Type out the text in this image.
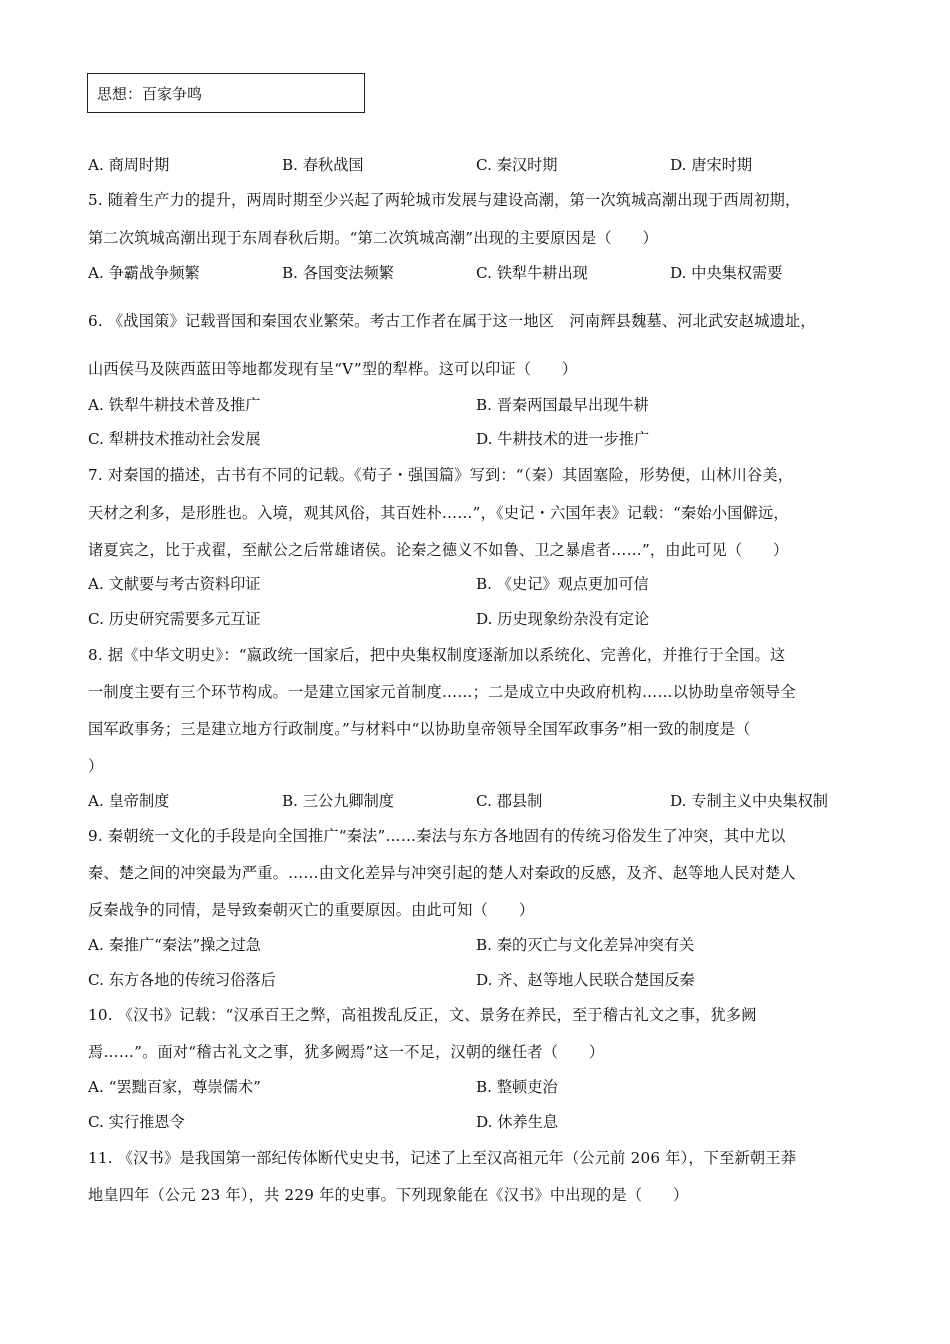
思想：百家争鸣
A. 商周时期	B. 春秋战国	C. 秦汉时期	D. 唐宋时期
5. 随着生产力的提升，两周时期至少兴起了两轮城市发展与建设高潮，第一次筑城高潮出现于西周初期，
第二次筑城高潮出现于东周春秋后期。“第二次筑城高潮”出现的主要原因是（　　）
A. 争霸战争频繁	B. 各国变法频繁	C. 铁犁牛耕出现	D. 中央集权需要
6. 《战国策》记载晋国和秦国农业繁荣。考古工作者在属于这一地区　河南辉县魏墓、河北武安赵城遗址，
山西侯马及陕西蓝田等地都发现有呈“V”型的犁桦。这可以印证（　　）
A. 铁犁牛耕技术普及推广	B. 晋秦两国最早出现牛耕
C. 犁耕技术推动社会发展	D. 牛耕技术的进一步推广
7. 对秦国的描述，古书有不同的记载。《荀子・强国篇》写到：“（秦）其固塞险，形势便，山林川谷美，
天材之利多，是形胜也。入境，观其风俗，其百姓朴……”，《史记・六国年表》记载：“秦始小国僻远，
诸夏宾之，比于戎翟，至献公之后常雄诸侯。论秦之德义不如鲁、卫之暴虐者……”，由此可见（　　）
A. 文献要与考古资料印证	B. 《史记》观点更加可信
C. 历史研究需要多元互证	D. 历史现象纷杂没有定论
8. 据《中华文明史》：“嬴政统一国家后，把中央集权制度逐渐加以系统化、完善化，并推行于全国。这
一制度主要有三个环节构成。一是建立国家元首制度……；二是成立中央政府机构……以协助皇帝领导全
国军政事务；三是建立地方行政制度。”与材料中“以协助皇帝领导全国军政事务”相一致的制度是（
）
A. 皇帝制度	B. 三公九卿制度	C. 郡县制	D. 专制主义中央集权制
9. 秦朝统一文化的手段是向全国推广“秦法”……秦法与东方各地固有的传统习俗发生了冲突，其中尤以
秦、楚之间的冲突最为严重。……由文化差异与冲突引起的楚人对秦政的反感，及齐、赵等地人民对楚人
反秦战争的同情，是导致秦朝灭亡的重要原因。由此可知（　　）
A. 秦推广“秦法”操之过急	B. 秦的灭亡与文化差异冲突有关
C. 东方各地的传统习俗落后	D. 齐、赵等地人民联合楚国反秦
10. 《汉书》记载：“汉承百王之弊，高祖拨乱反正，文、景务在养民，至于稽古礼文之事，犹多阙
焉……”。面对“稽古礼文之事，犹多阙焉”这一不足，汉朝的继任者（　　）
A. “罢黜百家，尊崇儒术”	B. 整顿吏治
C. 实行推恩令	D. 休养生息
11. 《汉书》是我国第一部纪传体断代史史书，记述了上至汉高祖元年（公元前 206 年），下至新朝王莽
地皇四年（公元 23 年），共 229 年的史事。下列现象能在《汉书》中出现的是（　　）
